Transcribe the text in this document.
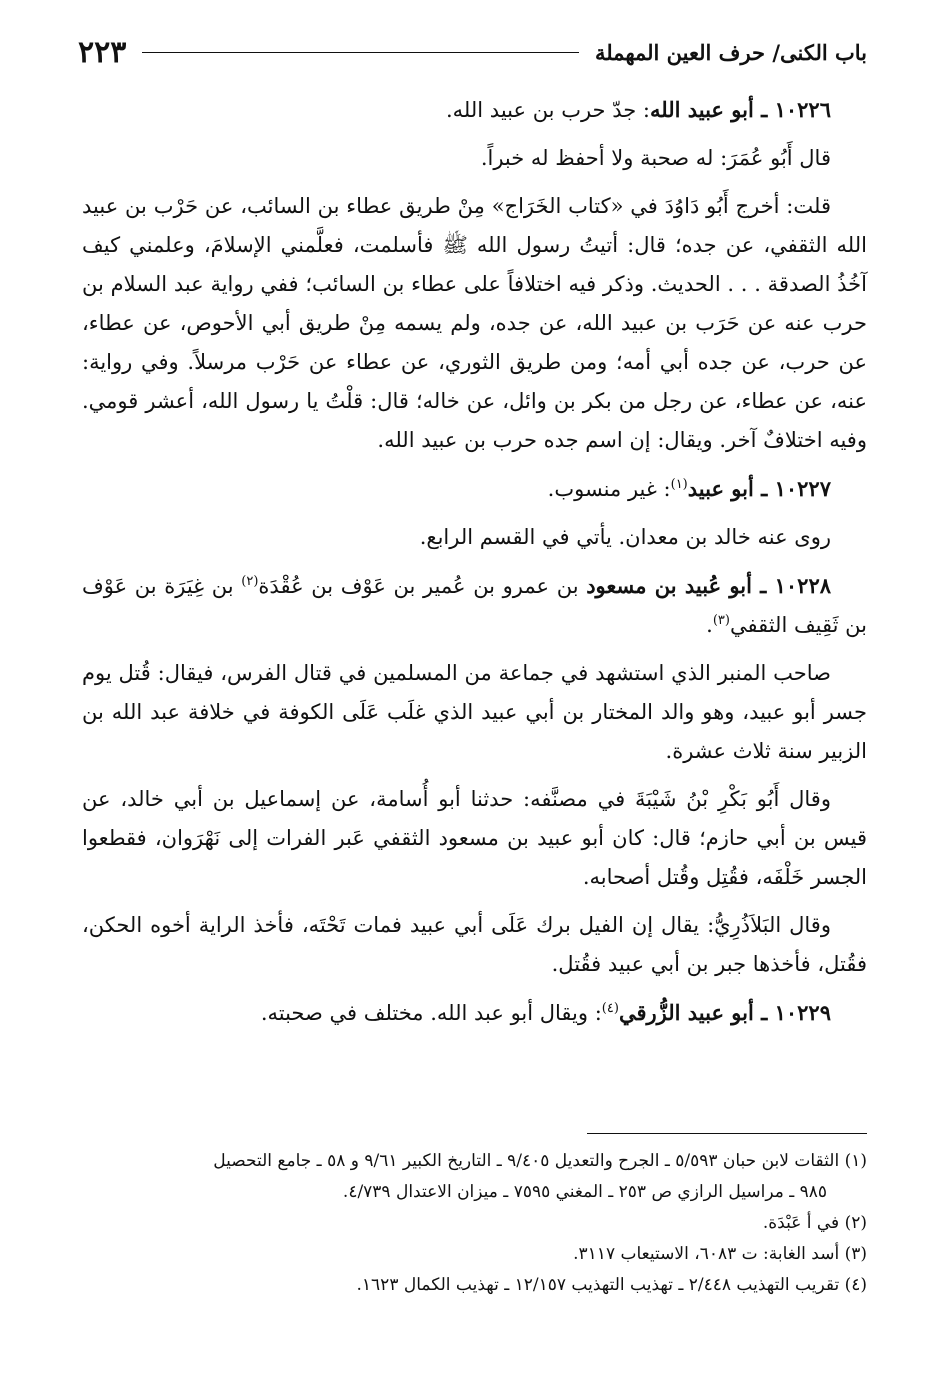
باب الكنى/ حرف العين المهملة
٢٢٣

١٠٢٢٦ ـ أبو عبيد الله: جدّ حرب بن عبيد الله.

قال أَبُو عُمَرَ: له صحبة ولا أحفظ له خبراً.

قلت: أخرج أَبُو دَاوُدَ في «كتاب الخَرَاج» مِنْ طريق عطاء بن السائب، عن حَرْب بن عبيد الله الثقفي، عن جده؛ قال: أتيتُ رسول الله ﷺ فأسلمت، فعلَّمني الإسلامَ، وعلمني كيف آخُذُ الصدقة . . . الحديث. وذكر فيه اختلافاً على عطاء بن السائب؛ ففي رواية عبد السلام بن حرب عنه عن حَرَب بن عبيد الله، عن جده، ولم يسمه مِنْ طريق أبي الأحوص، عن عطاء، عن حرب، عن جده أبي أمه؛ ومن طريق الثوري، عن عطاء عن حَرْب مرسلاً. وفي رواية: عنه، عن عطاء، عن رجل من بكر بن وائل، عن خاله؛ قال: قلْتُ يا رسول الله، أعشر قومي. وفيه اختلافٌ آخر. ويقال: إن اسم جده حرب بن عبيد الله.

١٠٢٢٧ ـ أبو عبيد$^{(١)}$: غير منسوب.

روى عنه خالد بن معدان. يأتي في القسم الرابع.

١٠٢٢٨ ـ أبو عُبيد بن مسعود بن عمرو بن عُمير بن عَوْف بن عُقْدَة$^{(٢)}$ بن غِيَرَة بن عَوْف بن ثَقِيف الثقفي$^{(٣)}$.

صاحب المنبر الذي استشهد في جماعة من المسلمين في قتال الفرس، فيقال: قُتل يوم جسر أبو عبيد، وهو والد المختار بن أبي عبيد الذي غلَب عَلَى الكوفة في خلافة عبد الله بن الزبير سنة ثلاث عشرة.

وقال أَبُو بَكْرِ بْنُ شَيْبَةَ في مصنَّفه: حدثنا أبو أُسامة، عن إسماعيل بن أبي خالد، عن قيس بن أبي حازم؛ قال: كان أبو عبيد بن مسعود الثقفي عَبر الفرات إلى نَهْرَوان، فقطعوا الجسر خَلْفَه، فقُتِل وقُتل أصحابه.

وقال البَلاَذُرِيُّ: يقال إن الفيل برك عَلَى أبي عبيد فمات تَحْتَه، فأخذ الراية أخوه الحكن، فقُتل، فأخذها جبر بن أبي عبيد فقُتل.

١٠٢٢٩ ـ أبو عبيد الزُّرقي$^{(٤)}$: ويقال أبو عبد الله. مختلف في صحبته.

(١) الثقات لابن حبان ٥/٥٩٣ ـ الجرح والتعديل ٩/٤٠٥ ـ التاريخ الكبير ٩/٦١ و ٥٨ ـ جامع التحصيل

٩٨٥ ـ مراسيل الرازي ص ٢٥٣ ـ المغني ٧٥٩٥ ـ ميزان الاعتدال ٤/٧٣٩.

(٢) في أ عَبْدَة.

(٣) أسد الغابة: ت ٦٠٨٣، الاستيعاب ٣١١٧.

(٤) تقريب التهذيب ٢/٤٤٨ ـ تهذيب التهذيب ١٢/١٥٧ ـ تهذيب الكمال ١٦٢٣.
